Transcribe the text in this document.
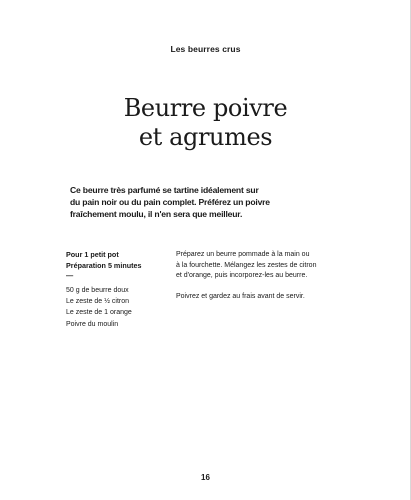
Les beurres crus
Beurre poivre
et agrumes
Ce beurre très parfumé se tartine idéalement sur
du pain noir ou du pain complet. Préférez un poivre
fraîchement moulu, il n'en sera que meilleur.
Pour 1 petit pot
Préparation 5 minutes
—
50 g de beurre doux
Le zeste de ½ citron
Le zeste de 1 orange
Poivre du moulin

Préparez un beurre pommade à la main ou
à la fourchette. Mélangez les zestes de citron
et d'orange, puis incorporez-les au beurre.

Poivrez et gardez au frais avant de servir.

16
